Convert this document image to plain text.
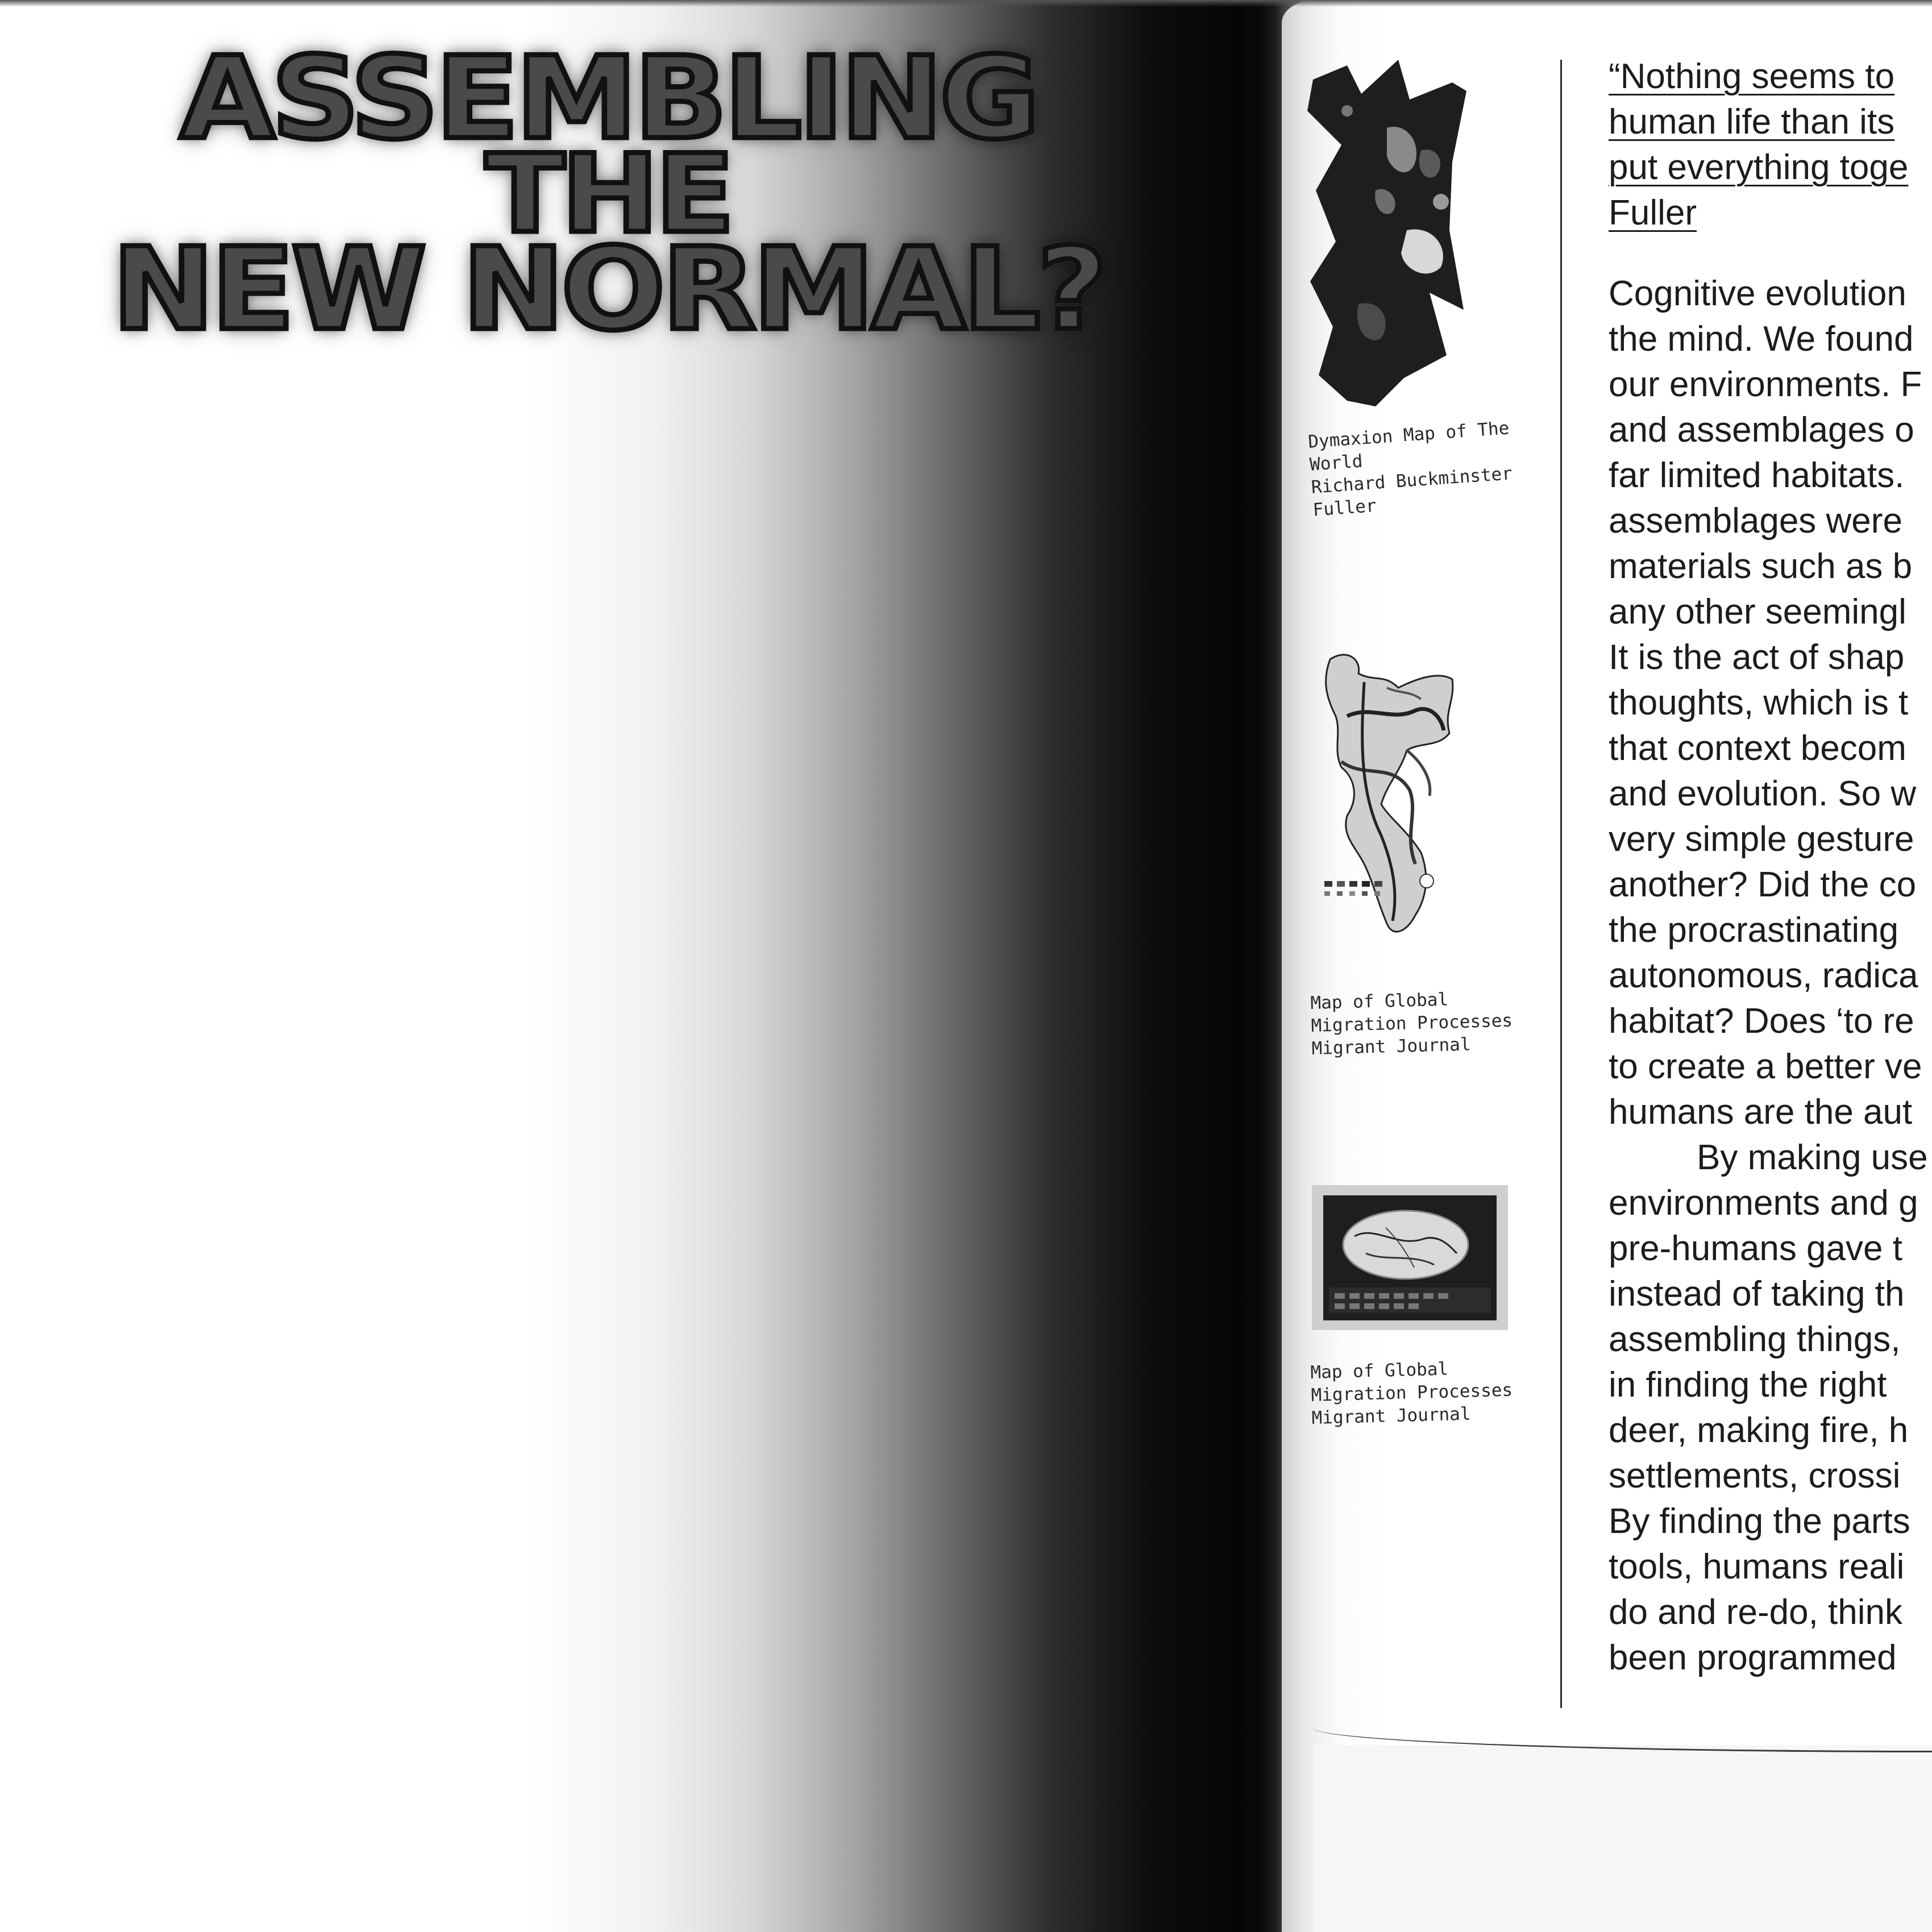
ASSEMBLING
THE
NEW NORMAL?
Dymaxion Map of The
World
Richard Buckminster
Fuller
Map of Global
Migration Processes
Migrant Journal
Map of Global
Migration Processes
Migrant Journal
“Nothing seems to
human life than its
put everything toge
Fuller
Cognitive evolution
the mind. We found
our environments. F
and assemblages o
far limited habitats.
assemblages were
materials such as b
any other seemingl
It is the act of shap
thoughts, which is t
that context becom
and evolution. So w
very simple gesture
another? Did the co
the procrastinating
autonomous, radica
habitat? Does ‘to re
to create a better ve
humans are the aut
By making use
environments and g
pre-humans gave t
instead of taking th
assembling things,
in finding the right
deer, making fire, h
settlements, crossi
By finding the parts
tools, humans reali
do and re-do, think
been programmed
